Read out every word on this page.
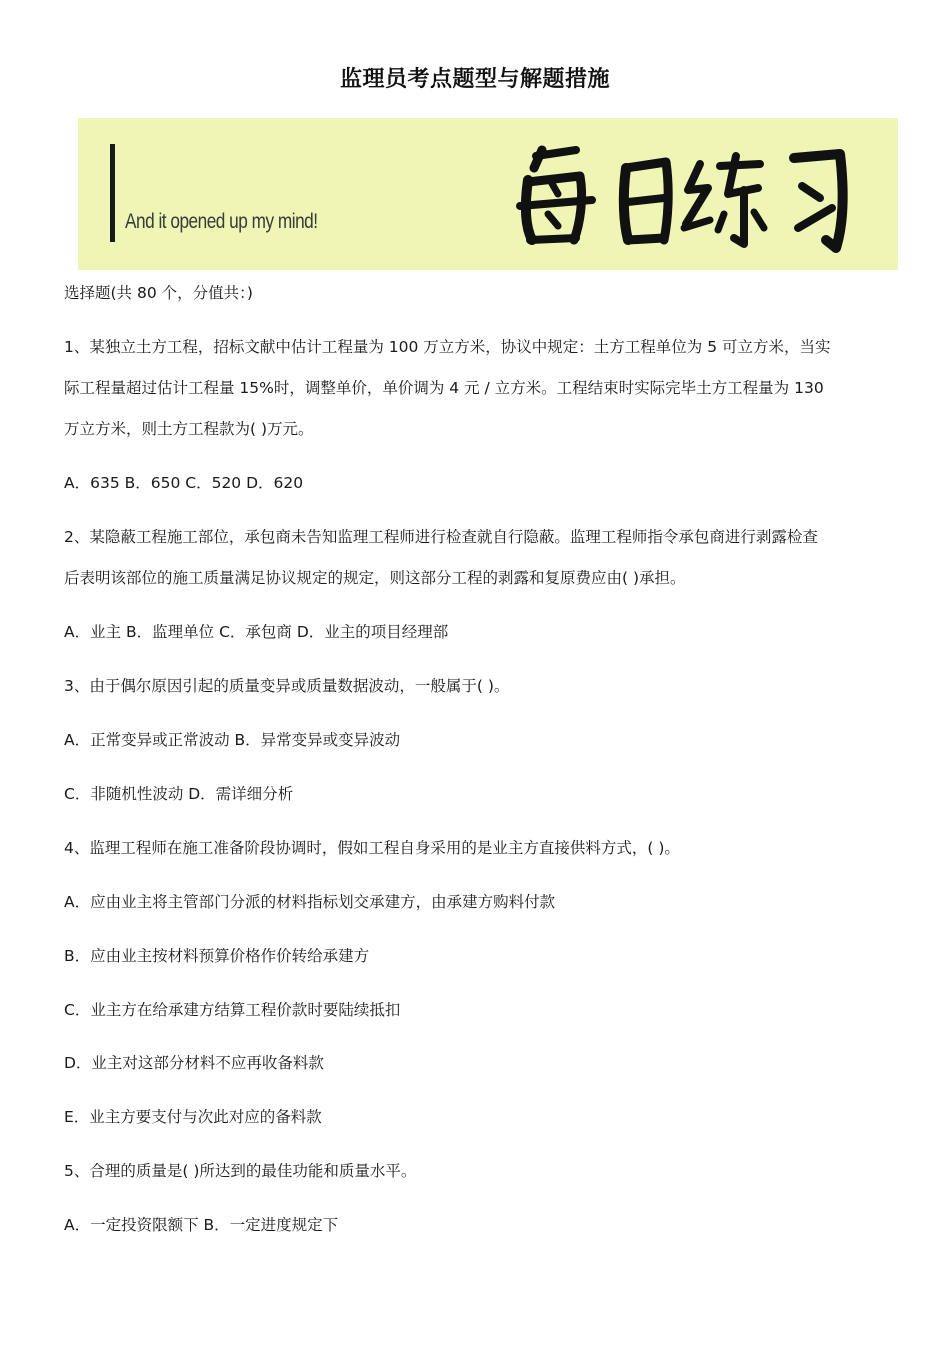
监理员考点题型与解题措施
And it opened up my mind!
选择题(共 80 个，分值共：)
1、某独立土方工程，招标文献中估计工程量为 100 万立方米，协议中规定：土方工程单位为 5 可立方米，当实
际工程量超过估计工程量 15%时，调整单价，单价调为 4 元 / 立方米。工程结束时实际完毕土方工程量为 130
万立方米，则土方工程款为( )万元。
A．635 B．650 C．520 D．620
2、某隐蔽工程施工部位，承包商未告知监理工程师进行检查就自行隐蔽。监理工程师指令承包商进行剥露检查
后表明该部位的施工质量满足协议规定的规定，则这部分工程的剥露和复原费应由( )承担。
A．业主 B．监理单位 C．承包商 D．业主的项目经理部
3、由于偶尔原因引起的质量变异或质量数据波动，一般属于( )。
A．正常变异或正常波动 B．异常变异或变异波动
C．非随机性波动 D．需详细分析
4、监理工程师在施工准备阶段协调时，假如工程自身采用的是业主方直接供料方式，( )。
A．应由业主将主管部门分派的材料指标划交承建方，由承建方购料付款
B．应由业主按材料预算价格作价转给承建方
C．业主方在给承建方结算工程价款时要陆续抵扣
D．业主对这部分材料不应再收备料款
E．业主方要支付与次此对应的备料款
5、合理的质量是( )所达到的最佳功能和质量水平。
A．一定投资限额下 B．一定进度规定下
